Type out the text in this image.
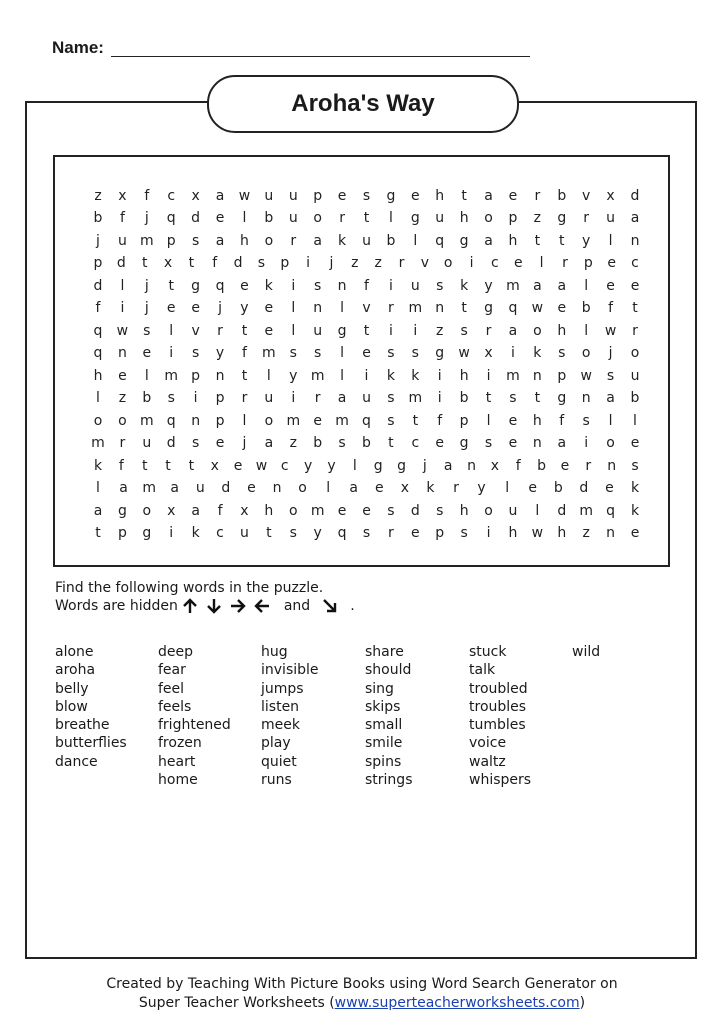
Name:
Aroha's Way
z	x	f	c	x	a	w	u	u	p	e	s	g	e	h	t	a	e	r	b	v	x	d
b	f	j	q	d	e	l	b	u	o	r	t	l	g	u	h	o	p	z	g	r	u	a
j	u m p	s	a	h	o	r	a	k	u	b	l	q	g	a	h	t	t	y	l	n
p	d	t	x	t	f	d	s	p	i	j	z	z	r	v	o	i	c	e	l	r	p	e	c
d	l	j	t	g	q	e	k	i	s	n	f	i	u	s	k	y m a	a	l	e	e
f	i	j	e	e	j	y	e	l	n	l	v	r	m n	t	g	q	w	e	b	f	t
q	w	s	l	v	r	t	e	l	u	g	t	i	i	z	s	r	a	o	h	l	w	r
q	n	e	i	s	y	f	m s	s	l	e	s	s	g	w	x	i	k	s	o	j	o
h	e	l	m p	n	t	l	y m	l	i	k	k	i	h	i	m n	p	w	s	u
l	z	b	s	i	p	r	u	i	r	a	u	s m	i	b	t	s	t	g	n	a	b
o	o m q	n	p	l	o m e m q	s	t	f	p	l	e	h	f	s	l	l
m	r	u	d	s	e	j	a	z	b	s	b	t	c	e	g	s	e	n	a	i	o	e
k	f	t	t	t	x	e w c	y	y	l	g	g	j	a	n	x	f	b	e	r	n	s
l	a	m	a	u	d	e	n	o	l	a	e	x	k	r	y	l	e	b	d	e	k
a	g	o	x	a	f	x	h	o m e	e	s	d	s	h	o	u	l	d m q	k
t	p	g	i	k	c	u	t	s	y	q	s	r	e	p	s	i	h	w	h	z	n	e
Find the following words in the puzzle.
Words are hidden	and	.
alone
aroha
belly
blow
breathe
butterflies
dance
deep
fear
feel
feels
frightened
frozen
heart
home
hug
invisible
jumps
listen
meek
play
quiet
runs
share
should
sing
skips
small
smile
spins
strings
stuck
talk
troubled
troubles
tumbles
voice
waltz
whispers
wild
Created by Teaching With Picture Books using Word Search Generator on
Super Teacher Worksheets (www.superteacherworksheets.com)
